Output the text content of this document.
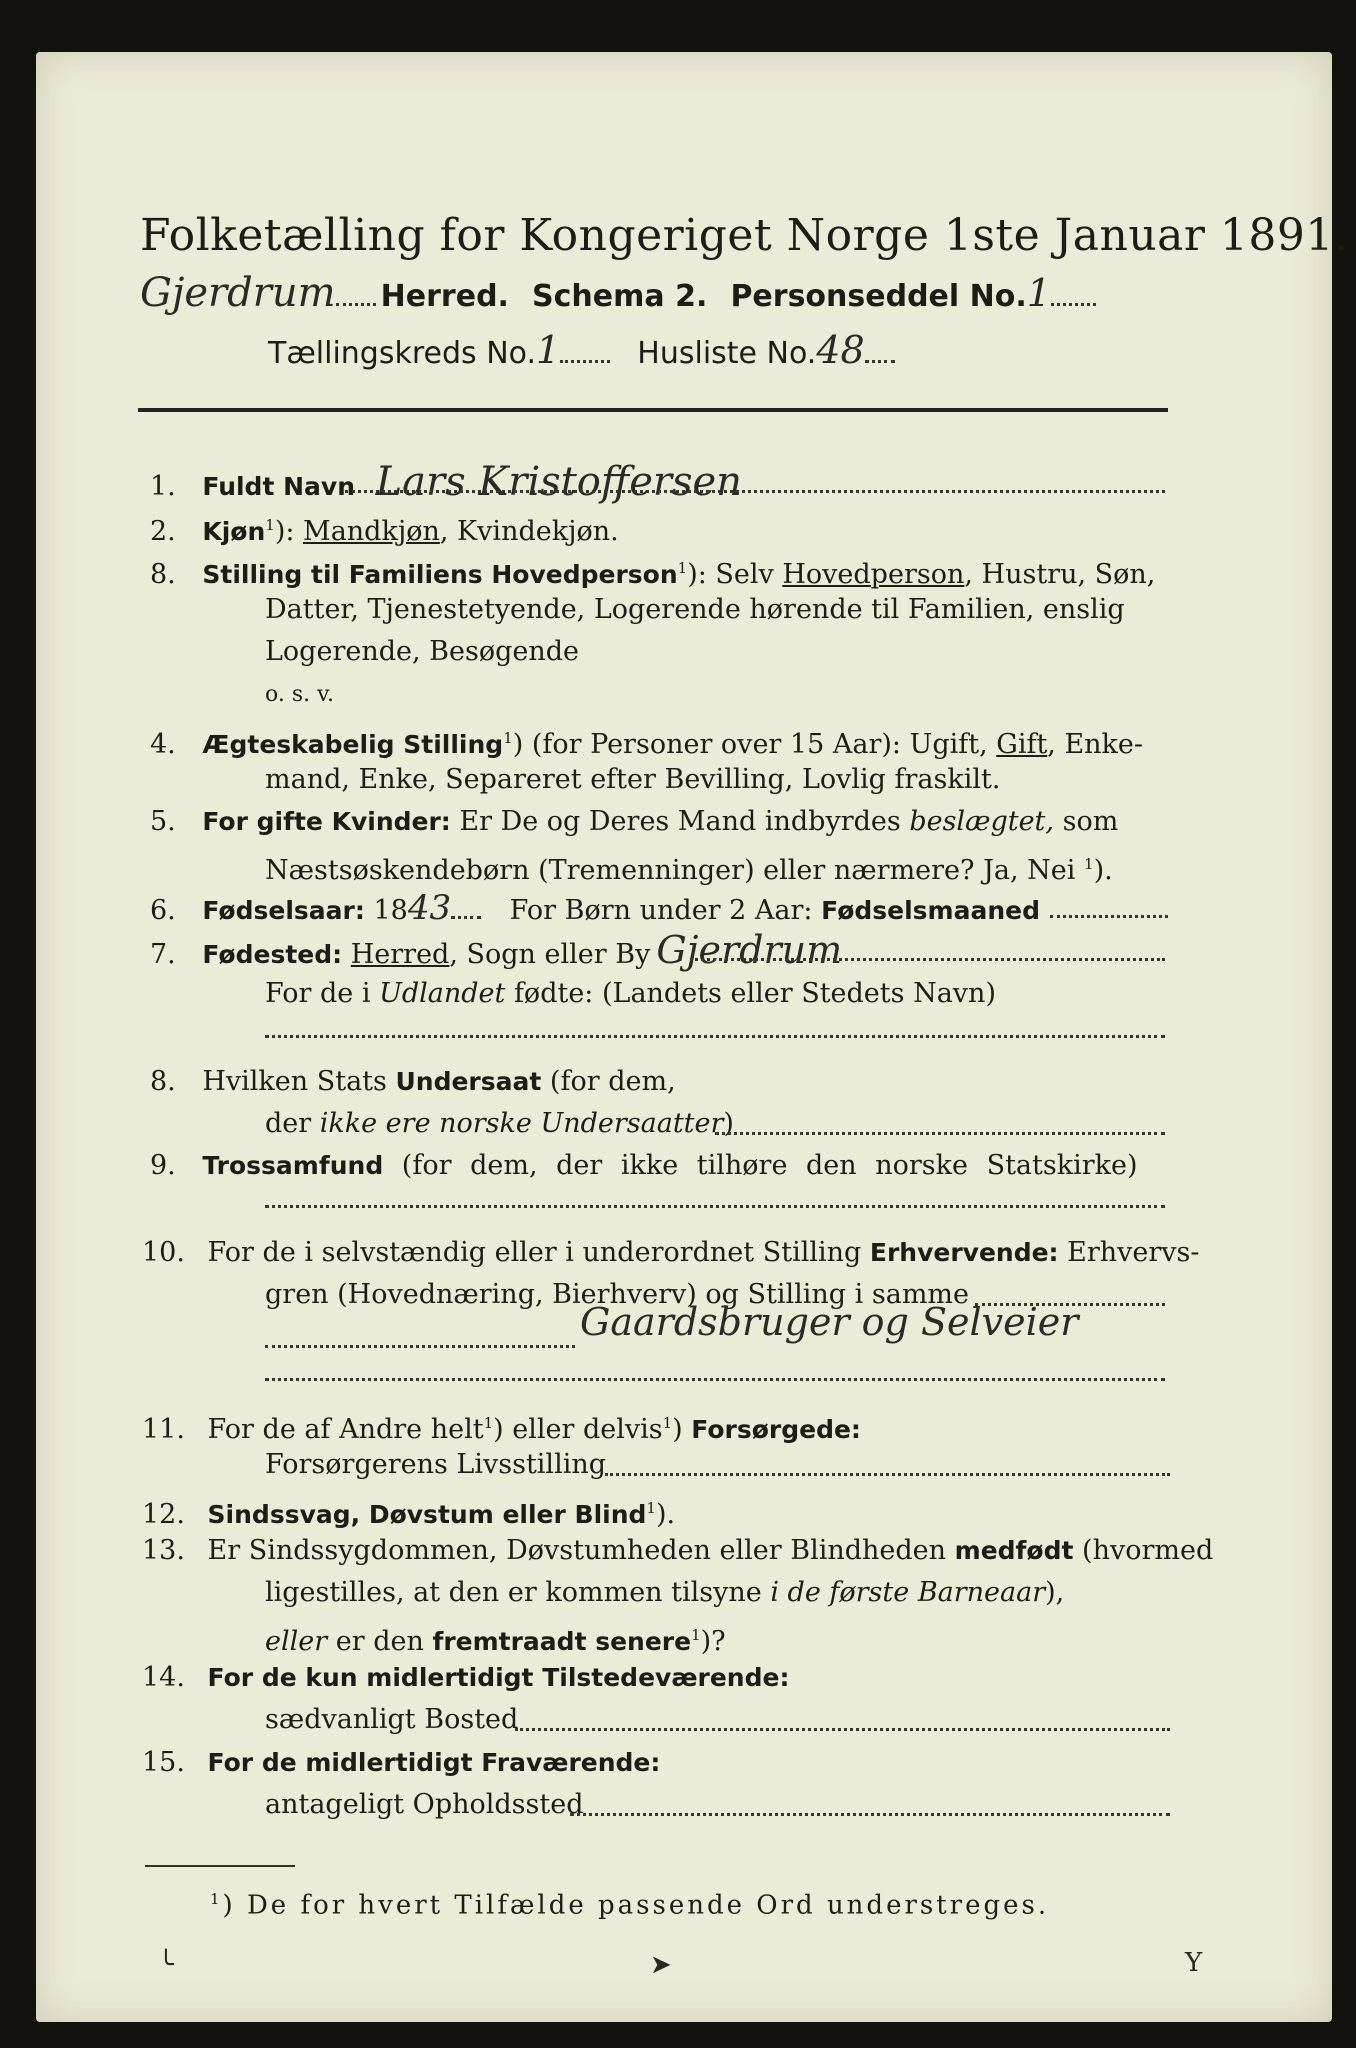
Folketælling for Kongeriget Norge 1ste Januar 1891.
Gjerdrum Herred. Schema 2. Personseddel No.1
Tællingskreds No.1	Husliste No.48
1. Fuldt Navn Lars Kristoffersen
2. Kjøn$^1$): Mandkjøn, Kvindekjøn.
8. Stilling til Familiens Hovedperson$^1$): Selv Hovedperson, Hustru, Søn,
Datter, Tjenestetyende, Logerende hørende til Familien, enslig
Logerende, Besøgende
o. s. v.
4. Ægteskabelig Stilling$^1$) (for Personer over 15 Aar): Ugift, Gift, Enke-
mand, Enke, Separeret efter Bevilling, Lovlig fraskilt.
5. For gifte Kvinder: Er De og Deres Mand indbyrdes beslægtet, som
Næstsøskendebørn (Tremenninger) eller nærmere? Ja, Nei $^1$).
6. Fødselsaar: 1843 For Børn under 2 Aar: Fødselsmaaned
7. Fødested: Herred, Sogn eller By Gjerdrum
For de i Udlandet fødte: (Landets eller Stedets Navn)
8. Hvilken Stats Undersaat (for dem,
der ikke ere norske Undersaatter)
9. Trossamfund (for dem, der ikke tilhøre den norske Statskirke)
10. For de i selvstændig eller i underordnet Stilling Erhvervende: Erhvervs-
gren (Hovednæring, Bierhverv) og Stilling i samme
Gaardsbruger og Selveier
11. For de af Andre helt$^1$) eller delvis$^1$) Forsørgede:
Forsørgerens Livsstilling
12. Sindssvag, Døvstum eller Blind$^1$).
13. Er Sindssygdommen, Døvstumheden eller Blindheden medfødt (hvormed
ligestilles, at den er kommen tilsyne i de første Barneaar),
eller er den fremtraadt senere$^1$)?
14. For de kun midlertidigt Tilstedeværende:
sædvanligt Bosted
15. For de midlertidigt Fraværende:
antageligt Opholdssted
$^1$) De for hvert Tilfælde passende Ord understreges.
╰	➤	Y
